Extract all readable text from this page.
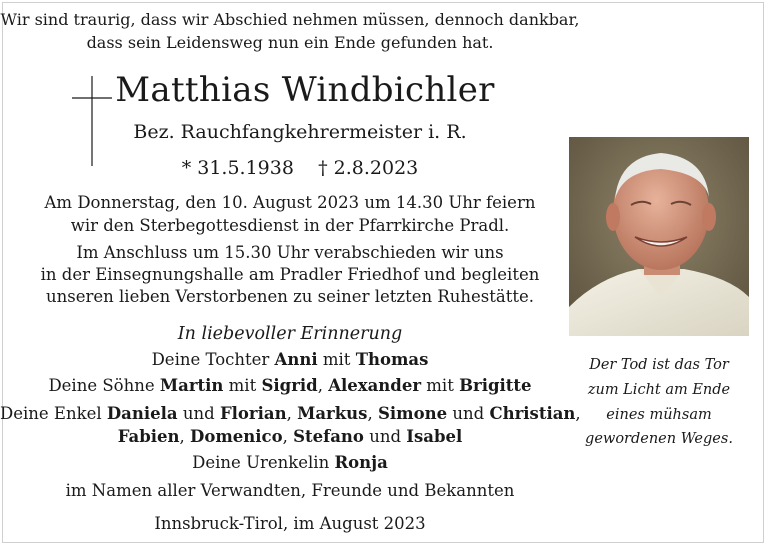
Wir sind traurig, dass wir Abschied nehmen müssen, dennoch dankbar,
dass sein Leidensweg nun ein Ende gefunden hat.
Matthias Windbichler
Bez. Rauchfangkehrermeister i. R.
* 31.5.1938 † 2.8.2023
Am Donnerstag, den 10. August 2023 um 14.30 Uhr feiern
wir den Sterbegottesdienst in der Pfarrkirche Pradl.
Im Anschluss um 15.30 Uhr verabschieden wir uns
in der Einsegnungshalle am Pradler Friedhof und begleiten
unseren lieben Verstorbenen zu seiner letzten Ruhestätte.
In liebevoller Erinnerung
Deine Tochter Anni mit Thomas
Deine Söhne Martin mit Sigrid, Alexander mit Brigitte
Deine Enkel Daniela und Florian, Markus, Simone und Christian,
Fabien, Domenico, Stefano und Isabel
Deine Urenkelin Ronja
im Namen aller Verwandten, Freunde und Bekannten
Innsbruck-Tirol, im August 2023
Der Tod ist das Tor
zum Licht am Ende
eines mühsam
gewordenen Weges.
